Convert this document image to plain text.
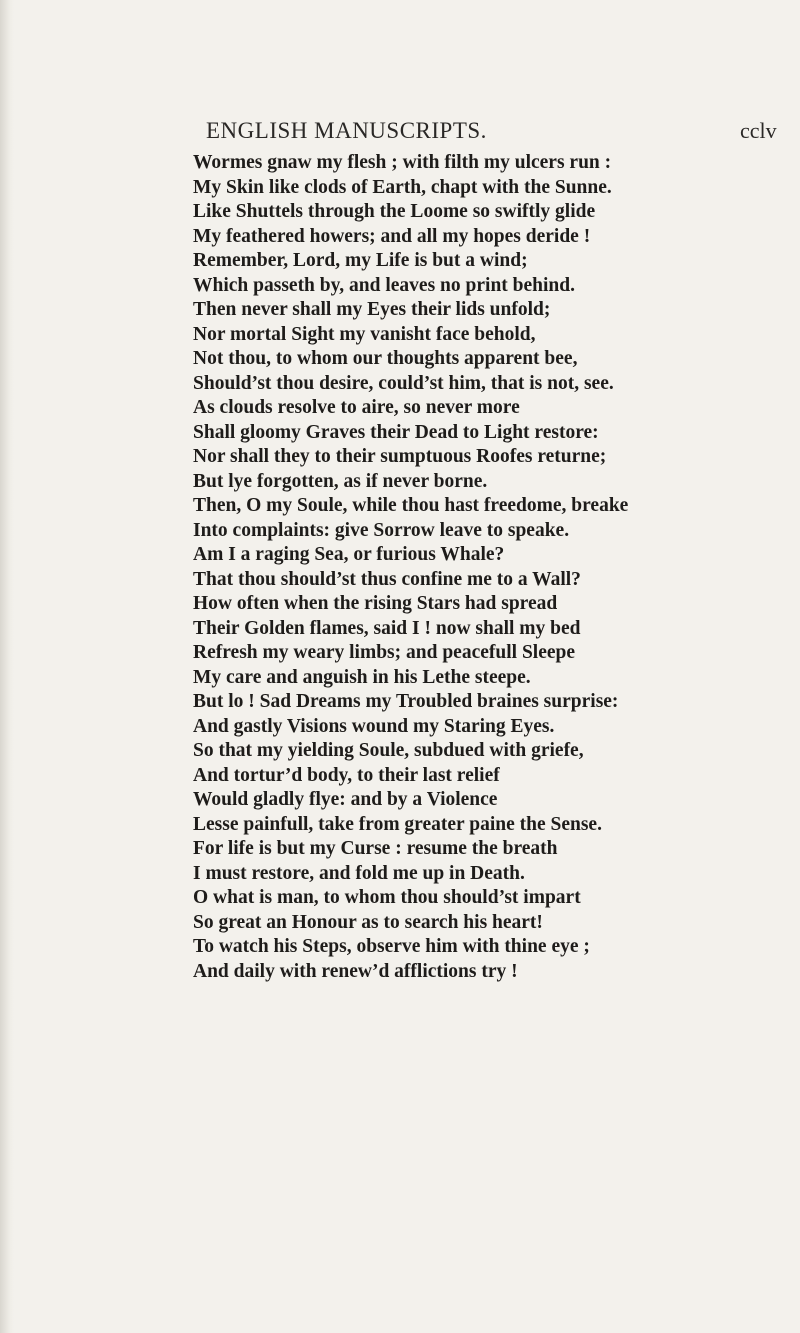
ENGLISH MANUSCRIPTS.	cclv
Wormes gnaw my flesh ; with filth my ulcers run :
My Skin like clods of Earth, chapt with the Sunne.
Like Shuttels through the Loome so swiftly glide
My feathered howers; and all my hopes deride !
Remember, Lord, my Life is but a wind;
Which passeth by, and leaves no print behind.
Then never shall my Eyes their lids unfold;
Nor mortal Sight my vanisht face behold,
Not thou, to whom our thoughts apparent bee,
Should’st thou desire, could’st him, that is not, see.
As clouds resolve to aire, so never more
Shall gloomy Graves their Dead to Light restore:
Nor shall they to their sumptuous Roofes returne;
But lye forgotten, as if never borne.
Then, O my Soule, while thou hast freedome, breake
Into complaints: give Sorrow leave to speake.
Am I a raging Sea, or furious Whale?
That thou should’st thus confine me to a Wall?
How often when the rising Stars had spread
Their Golden flames, said I ! now shall my bed
Refresh my weary limbs; and peacefull Sleepe
My care and anguish in his Lethe steepe.
But lo ! Sad Dreams my Troubled braines surprise:
And gastly Visions wound my Staring Eyes.
So that my yielding Soule, subdued with griefe,
And tortur’d body, to their last relief
Would gladly flye: and by a Violence
Lesse painfull, take from greater paine the Sense.
For life is but my Curse : resume the breath
I must restore, and fold me up in Death.
O what is man, to whom thou should’st impart
So great an Honour as to search his heart!
To watch his Steps, observe him with thine eye ;
And daily with renew’d afflictions try !
